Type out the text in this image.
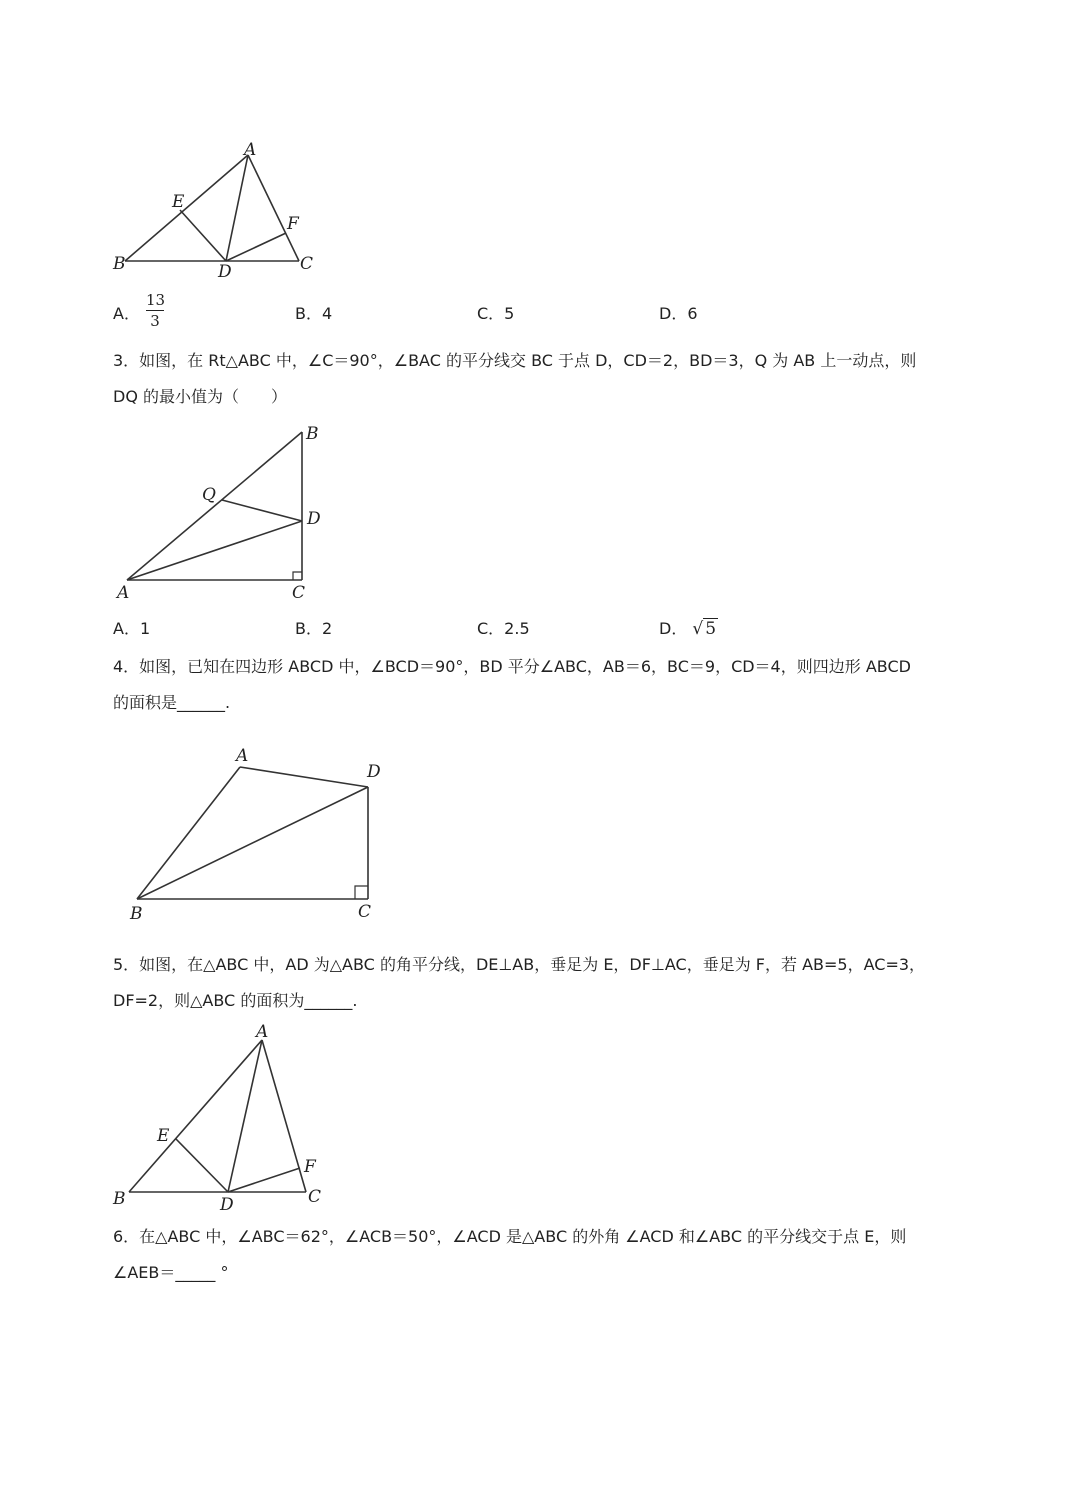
A
E
F
B	D	C
A．
13
3	B．4	C．5	D．6
3．如图，在 Rt△ABC 中，∠C＝90°，∠BAC 的平分线交 BC 于点 D，CD＝2，BD＝3，Q 为 AB 上一动点，则
DQ 的最小值为（　　）
B
Q
D
A	C
A．1	B．2	C．2.5	D． √ 5
4．如图，已知在四边形 ABCD 中，∠BCD＝90°，BD 平分∠ABC，AB＝6，BC＝9，CD＝4，则四边形 ABCD
的面积是______.
A
D
B	C
5．如图，在△ABC 中，AD 为△ABC 的角平分线，DE⊥AB，垂足为 E，DF⊥AC，垂足为 F，若 AB=5，AC=3，
DF=2，则△ABC 的面积为______.
A
E
F
B	D	C
6．在△ABC 中，∠ABC＝62°，∠ACB＝50°，∠ACD 是△ABC 的外角 ∠ACD 和∠ABC 的平分线交于点 E，则
∠AEB＝_____ °
